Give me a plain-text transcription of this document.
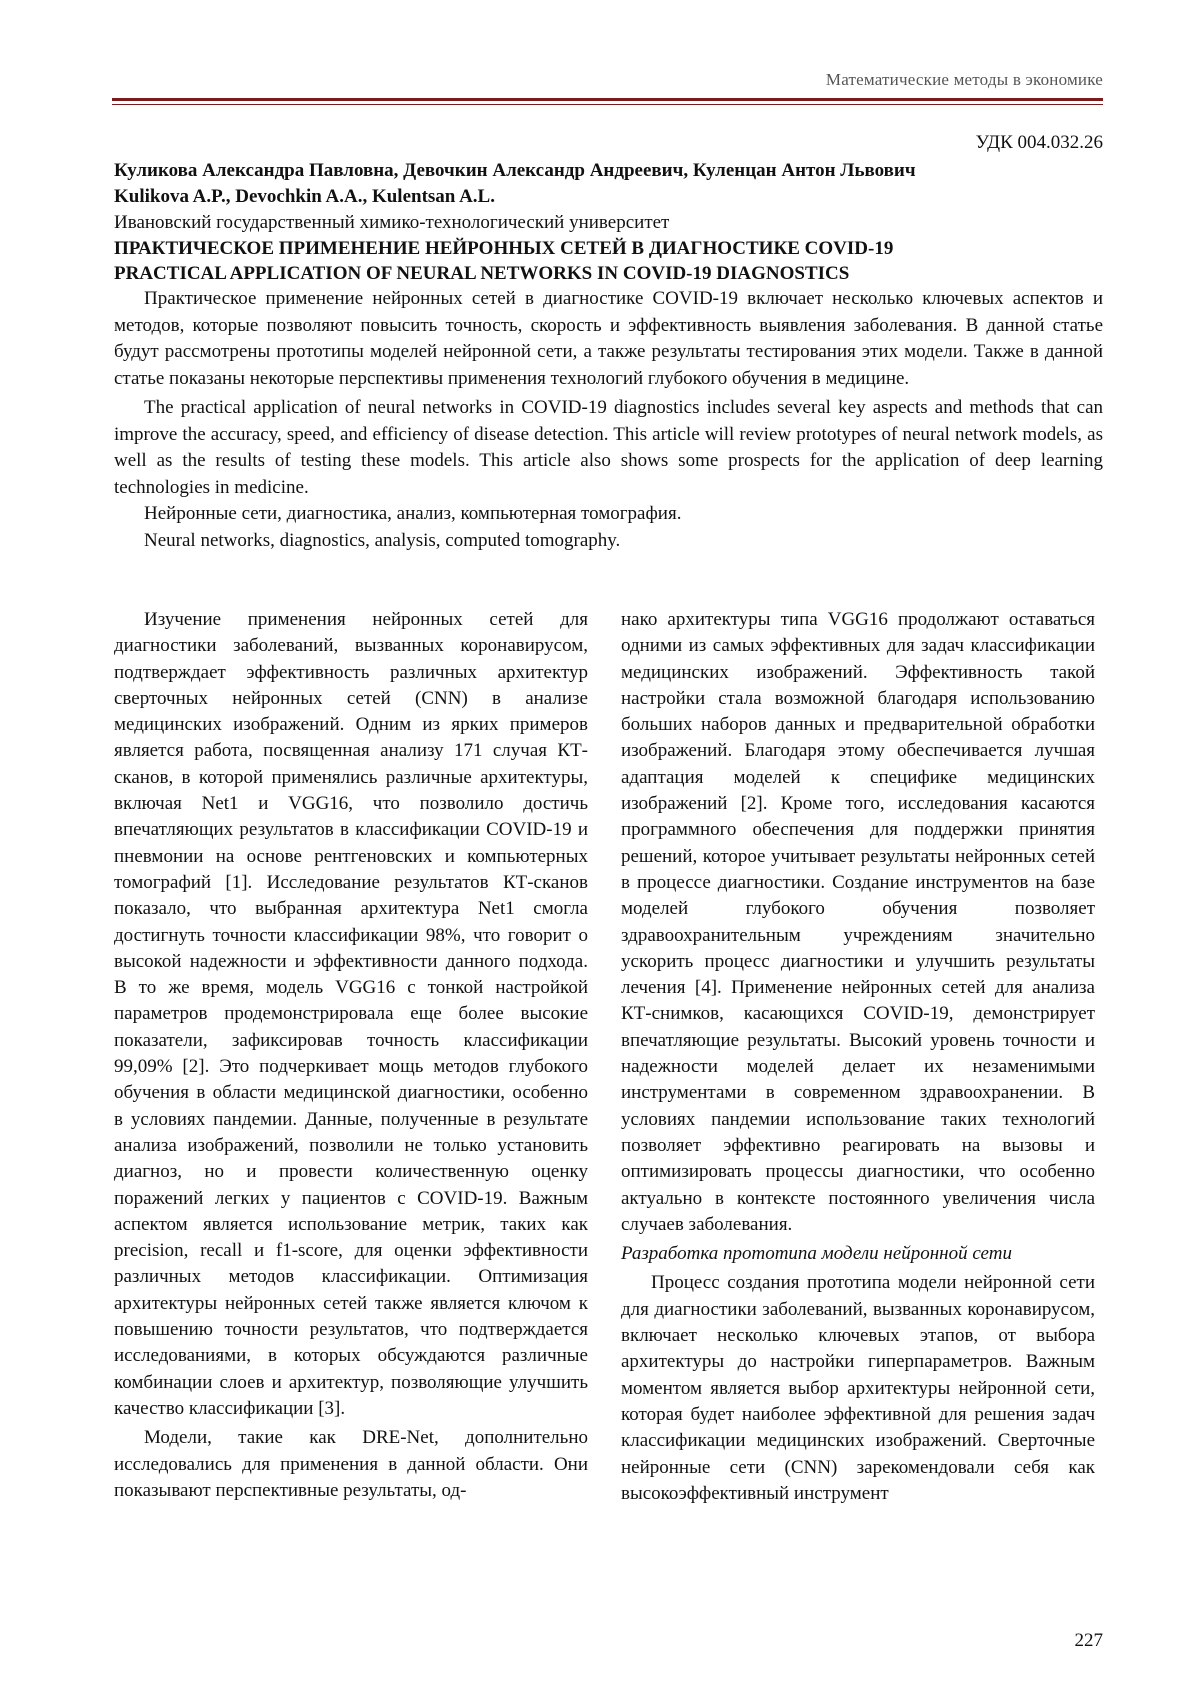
Математические методы в экономике
УДК 004.032.26
Куликова Александра Павловна, Девочкин Александр Андреевич, Куленцан Антон Львович
Kulikova A.P., Devochkin A.A., Kulentsan A.L.
Ивановский государственный химико-технологический университет
ПРАКТИЧЕСКОЕ ПРИМЕНЕНИЕ НЕЙРОННЫХ СЕТЕЙ В ДИАГНОСТИКЕ COVID-19
PRACTICAL APPLICATION OF NEURAL NETWORKS IN COVID-19 DIAGNOSTICS

Практическое применение нейронных сетей в диагностике COVID-19 включает несколько ключевых аспектов и методов, которые позволяют повысить точность, скорость и эффективность выявления заболевания. В данной статье будут рассмотрены прототипы моделей нейронной сети, а также результаты тестирования этих модели. Также в данной статье показаны некоторые перспективы применения технологий глубокого обучения в медицине.

The practical application of neural networks in COVID-19 diagnostics includes several key aspects and methods that can improve the accuracy, speed, and efficiency of disease detection. This article will review prototypes of neural network models, as well as the results of testing these models. This article also shows some prospects for the application of deep learning technologies in medicine.

Нейронные сети, диагностика, анализ, компьютерная томография.
Neural networks, diagnostics, analysis, computed tomography.

Изучение применения нейронных сетей для диагностики заболеваний, вызванных коронавирусом, подтверждает эффективность различных архитектур сверточных нейронных сетей (CNN) в анализе медицинских изображений. Одним из ярких примеров является работа, посвященная анализу 171 случая КТ-сканов, в которой применялись различные архитектуры, включая Net1 и VGG16, что позволило достичь впечатляющих результатов в классификации COVID-19 и пневмонии на основе рентгеновских и компьютерных томографий [1]. Исследование результатов КТ-сканов показало, что выбранная архитектура Net1 смогла достигнуть точности классификации 98%, что говорит о высокой надежности и эффективности данного подхода. В то же время, модель VGG16 с тонкой настройкой параметров продемонстрировала еще более высокие показатели, зафиксировав точность классификации 99,09% [2]. Это подчеркивает мощь методов глубокого обучения в области медицинской диагностики, особенно в условиях пандемии. Данные, полученные в результате анализа изображений, позволили не только установить диагноз, но и провести количественную оценку поражений легких у пациентов с COVID-19. Важным аспектом является использование метрик, таких как precision, recall и f1-score, для оценки эффективности различных методов классификации. Оптимизация архитектуры нейронных сетей также является ключом к повышению точности результатов, что подтверждается исследованиями, в которых обсуждаются различные комбинации слоев и архитектур, позволяющие улучшить качество классификации [3].

Модели, такие как DRE-Net, дополнительно исследовались для применения в данной области. Они показывают перспективные результаты, од-

нако архитектуры типа VGG16 продолжают оставаться одними из самых эффективных для задач классификации медицинских изображений. Эффективность такой настройки стала возможной благодаря использованию больших наборов данных и предварительной обработки изображений. Благодаря этому обеспечивается лучшая адаптация моделей к специфике медицинских изображений [2]. Кроме того, исследования касаются программного обеспечения для поддержки принятия решений, которое учитывает результаты нейронных сетей в процессе диагностики. Создание инструментов на базе моделей глубокого обучения позволяет здравоохранительным учреждениям значительно ускорить процесс диагностики и улучшить результаты лечения [4]. Применение нейронных сетей для анализа КТ-снимков, касающихся COVID-19, демонстрирует впечатляющие результаты. Высокий уровень точности и надежности моделей делает их незаменимыми инструментами в современном здравоохранении. В условиях пандемии использование таких технологий позволяет эффективно реагировать на вызовы и оптимизировать процессы диагностики, что особенно актуально в контексте постоянного увеличения числа случаев заболевания.

Разработка прототипа модели нейронной сети

Процесс создания прототипа модели нейронной сети для диагностики заболеваний, вызванных коронавирусом, включает несколько ключевых этапов, от выбора архитектуры до настройки гиперпараметров. Важным моментом является выбор архитектуры нейронной сети, которая будет наиболее эффективной для решения задач классификации медицинских изображений. Сверточные нейронные сети (CNN) зарекомендовали себя как высокоэффективный инструмент

227
